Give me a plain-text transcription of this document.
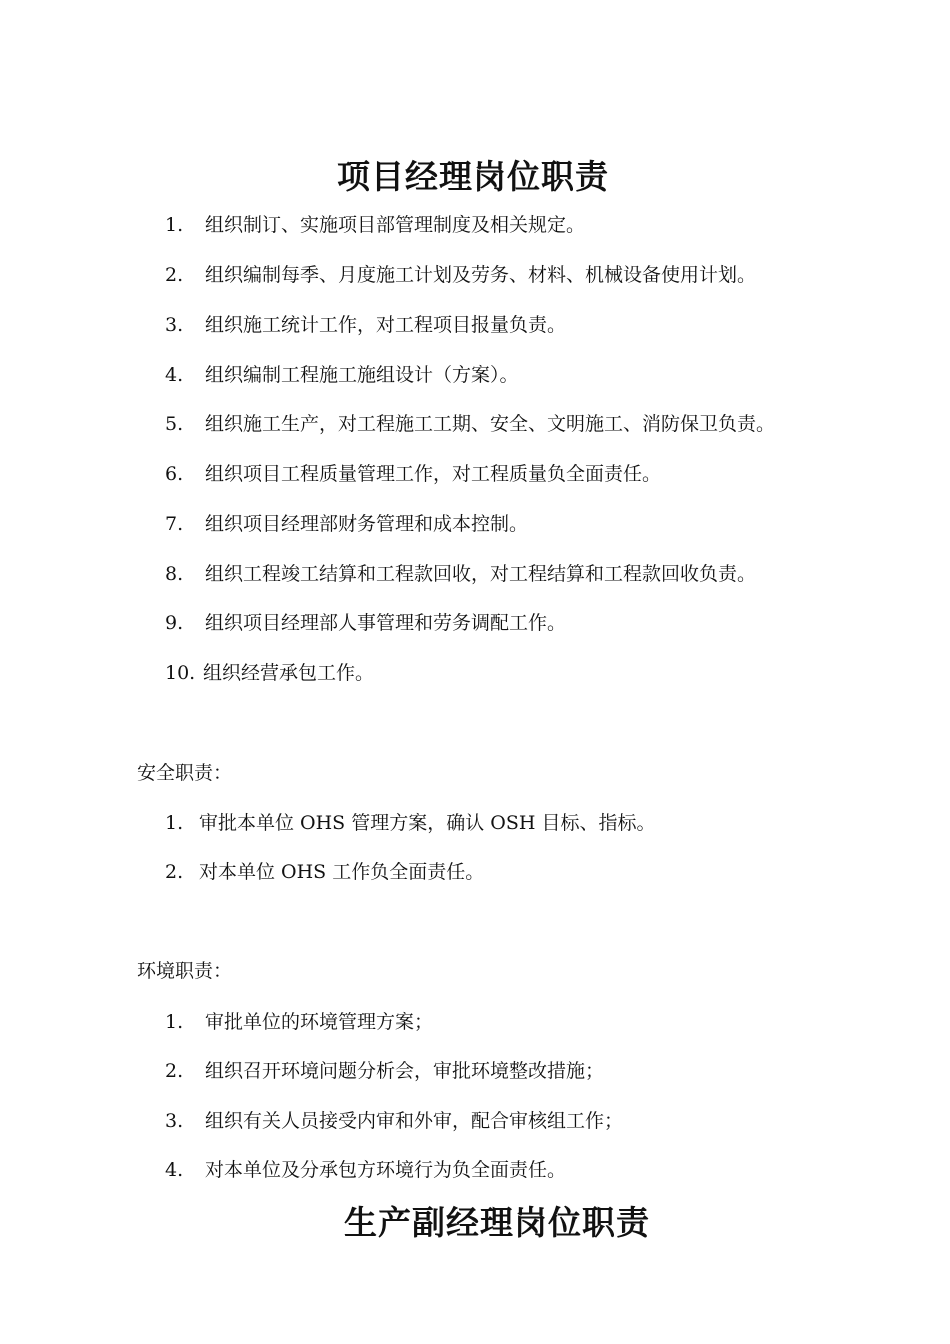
项目经理岗位职责
1. 组织制订、实施项目部管理制度及相关规定。
2. 组织编制每季、月度施工计划及劳务、材料、机械设备使用计划。
3. 组织施工统计工作，对工程项目报量负责。
4. 组织编制工程施工施组设计（方案）。
5. 组织施工生产，对工程施工工期、安全、文明施工、消防保卫负责。
6. 组织项目工程质量管理工作，对工程质量负全面责任。
7. 组织项目经理部财务管理和成本控制。
8. 组织工程竣工结算和工程款回收，对工程结算和工程款回收负责。
9. 组织项目经理部人事管理和劳务调配工作。
10. 组织经营承包工作。
安全职责：
1. 审批本单位 OHS 管理方案，确认 OSH 目标、指标。
2. 对本单位 OHS 工作负全面责任。
环境职责：
1. 审批单位的环境管理方案；
2. 组织召开环境问题分析会，审批环境整改措施；
3. 组织有关人员接受内审和外审，配合审核组工作；
4. 对本单位及分承包方环境行为负全面责任。
生产副经理岗位职责
